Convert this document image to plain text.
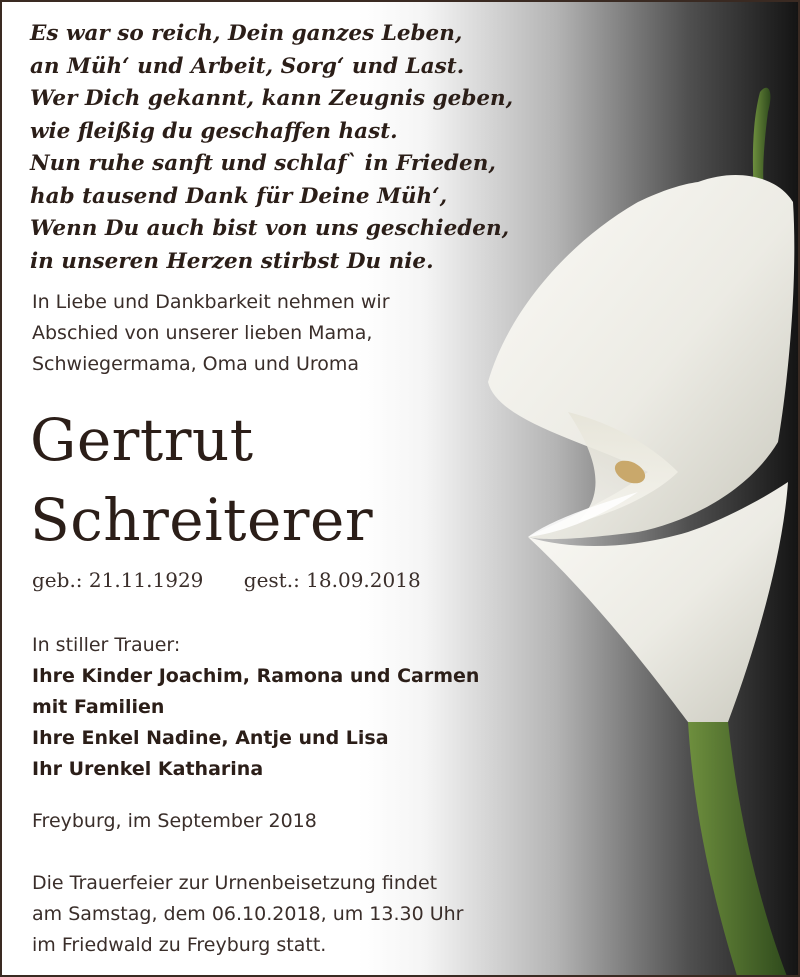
Es war so reich, Dein ganzes Leben,
an Müh‘ und Arbeit, Sorg‘ und Last.
Wer Dich gekannt, kann Zeugnis geben,
wie fleißig du geschaffen hast.
Nun ruhe sanft und schlaf` in Frieden,
hab tausend Dank für Deine Müh‘,
Wenn Du auch bist von uns geschieden,
in unseren Herzen stirbst Du nie.
In Liebe und Dankbarkeit nehmen wir
Abschied von unserer lieben Mama,
Schwiegermama, Oma und Uroma
Gertrut
Schreiterer
geb.: 21.11.1929 gest.: 18.09.2018
In stiller Trauer:
Ihre Kinder Joachim, Ramona und Carmen
mit Familien
Ihre Enkel Nadine, Antje und Lisa
Ihr Urenkel Katharina
Freyburg, im September 2018
Die Trauerfeier zur Urnenbeisetzung findet
am Samstag, dem 06.10.2018, um 13.30 Uhr
im Friedwald zu Freyburg statt.
